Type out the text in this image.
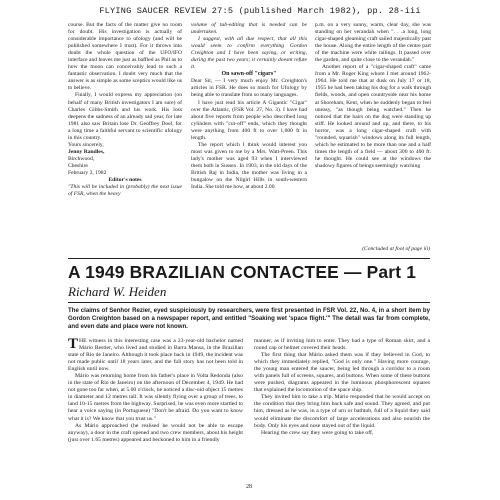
FLYING SAUCER REVIEW 27:5 (published March 1982), pp. 28-iii

course. But the facts of the matter give no room for doubt. His investigation is actually of considerable importance to ufology (and will be published somewhere I trust). For it throws into doubt the whole question of the UFO/IFO interface and leaves me just as baffled as Phil as to how the moon can conceivably lead to such a fantastic observation. I doubt very much that the answer is as simple as some sceptics would like us to believe.

Finally, I would express my appreciation (on behalf of many British investigators I am sure) of Charles Gibbs-Smith and his work. His loss deepens the sadness of an already sad year, for late 1981 also saw Britain lose Dr. Geoffrey Doel, for a long time a faithful servant to scientific ufology in this country.

Yours sincerely,

Jenny Randles,

Birchwood,

Cheshire

February 3, 1982

Editor's notes

"This will be included in (probably) the next issue of FSR, when the heavy

volume of tub-editing that is needed can be undertaken.

I suggest, with all due respect, that all this would seem to confirm everything Gordon Creighton and I have been saying, or writing, during the past two years; it certainly doesnt refute it.

On sawn-off "cigars"

Dear Sir, — I very much enjoy Mr. Creighton's articles in FSR. He does so much for Ufology by being able to translate from so many languages.

I have just read his article A Gigantic "Cigar" over the Atlantic, (FSR Vol. 27, No. 3). I have had about five reports from people who described long cylinders with "cut-off" ends, which they thought were anything from 400 ft to over 1,000 ft in length.

The report which I think would interest you most was given to me by a Mrs. Watt-Preen. This lady's mother was aged 93 when I interviewed them both in Sussex. In 1903, in the old days of the British Raj in India, the mother was living in a bungalow on the Nilgiri Hills in south-western India. She told me how, at about 2.00

p.m. on a very sunny, warm, clear day, she was standing on her verandah when ". . .a long, long cigar-shaped gleaming craft sailed majestically past the house. Along the entire length of the centre part of the machine were white railings. It passed over the garden, and quite close to the verandah."

Another report of a "cigar-shaped craft" came from a Mr. Roger King whom I met around 1962-1964. He told me that at dusk on July 17 or 18, 1955 he had been taking his dog for a walk through fields, woods, and open countryside near his home at Shoreham, Kent, when he suddenly began to feel uneasy, "as though being watched." Then he noticed that the hairs on the dog were standing up stiff. He looked around and up, and there, to his horror, was a long cigar-shaped craft with "rounded, squarish" windows along its full length, which he estimated to be more than one and a half times the length of a field — about 300 to 400 ft. he thought. He could see at the windows the shadowy figures of beings seemingly watching

(Concluded at foot of page iii)
A 1949 BRAZILIAN CONTACTEE — Part 1
Richard W. Heiden
The claims of Senhor Rezier, eyed suspiciously by researchers, were first presented in FSR Vol. 22, No. 4, in a short item by Gordon Creighton based on a newspaper report, and entitled "Soaking wet 'space flight.'" The detail was far from complete, and even date and place were not known.

THE witness in this interesting case was a 23-year-old bachelor named Mário Restier, who lived and studied in Barra Mansa, in the Brazilian state of Rio de Janeiro. Although it took place back in 1949, the incident was not made public until 18 years later, and the full story has not been told in English until now.

Mário was returning home from his father's place in Volta Redonda (also in the state of Rio de Janeiro) on the afternoon of December 4, 1949. He had not gone too far when, at 5.00 o'clock, he noticed a disc-oid object 15 metres in diameter and 12 metres tall. It was silently flying over a group of trees, to land 10-15 metres from the highway. Surprised, he was even more startled to hear a voice saying (in Portuguese) "Don't be afraid. Do you want to know what it is? We know that you trust us."

As Mário approached (he realised he would not be able to escape anyway), a door in the craft opened and two crew members, about his height (just over 1.65 metres) appeared and beckoned to him in a friendly

manner, as if inviting him to enter. They had a type of Roman skirt, and a round cap or helmet covered their heads.

The first thing that Mário asked them was if they believed in God, to which they immediately replied, "God is only one." Having more courage, the young man entered the saucer, being led through a corridor to a room with panels full of screens, squares, and buttons. When some of these buttons were pushed, diagrams appeared in the luminous phosphorescent squares that explained the locomotion of the space ship.

They invited him to take a trip. Mário responded that he would accept on the condition that they bring him back safe and sound. They agreed, and put him, dressed as he was, in a type of urn or bathtub, full of a liquid they said would eliminate the discomfort of large accelerations and also nourish the body. Only his eyes and nose stayed out of the liquid.

Hearing the crew say they were going to take off,

28
